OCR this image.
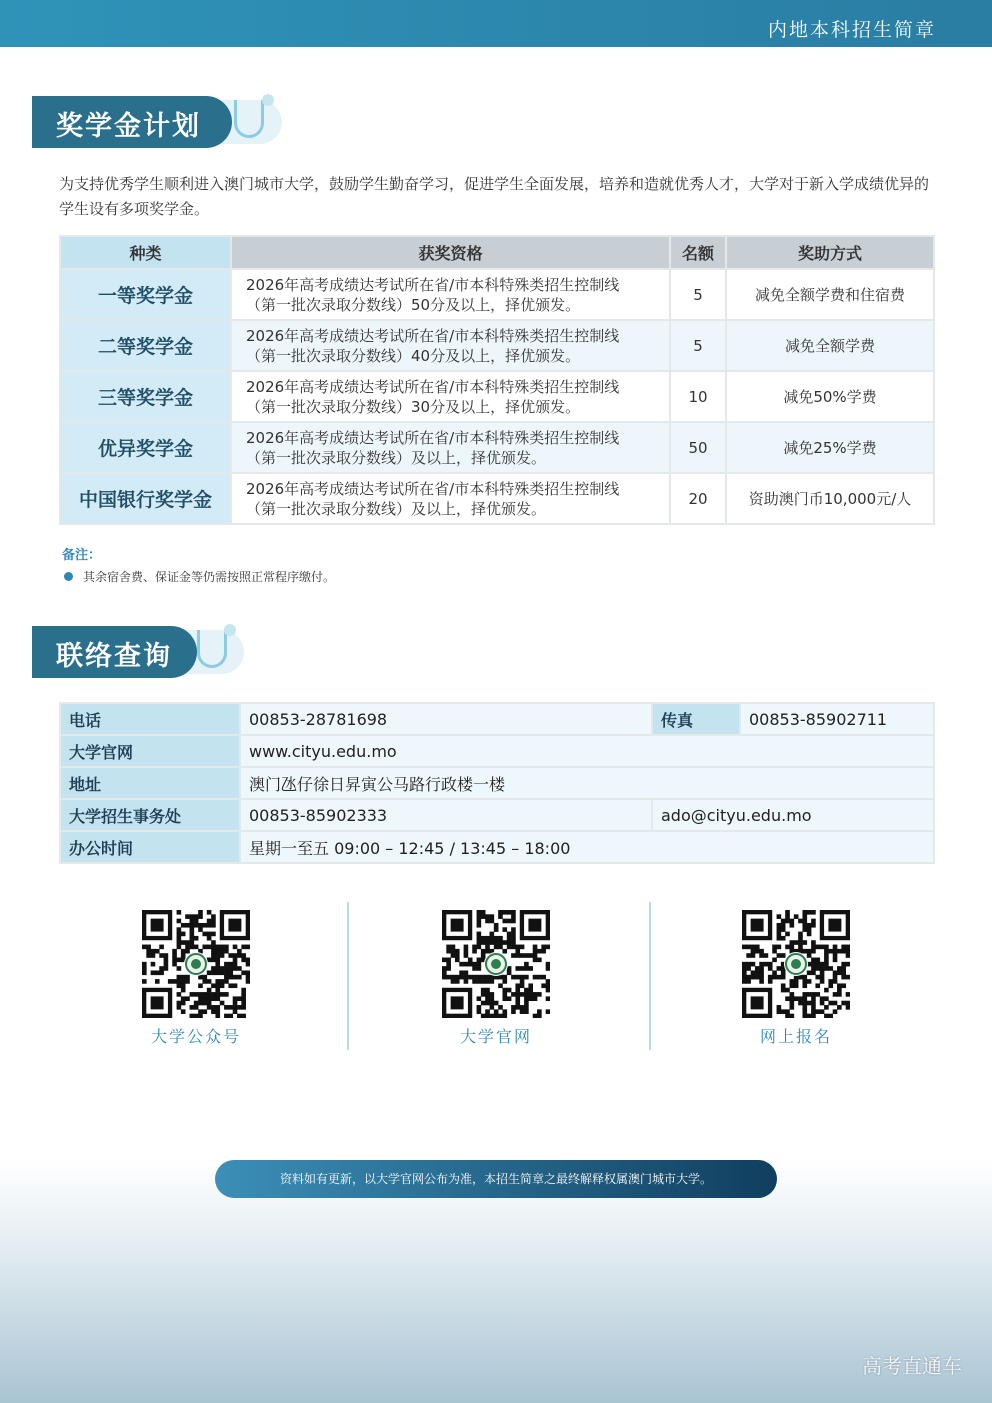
内地本科招生简章
奖学金计划
为支持优秀学生顺利进入澳门城市大学，鼓励学生勤奋学习，促进学生全面发展，培养和造就优秀人才，大学对于新入学成绩优异的学生设有多项奖学金。
种类	获奖资格	名额	奖助方式
一等奖学金	2026年高考成绩达考试所在省/市本科特殊类招生控制线
（第一批次录取分数线）50分及以上，择优颁发。	5	减免全额学费和住宿费
二等奖学金	2026年高考成绩达考试所在省/市本科特殊类招生控制线
（第一批次录取分数线）40分及以上，择优颁发。	5	减免全额学费
三等奖学金	2026年高考成绩达考试所在省/市本科特殊类招生控制线
（第一批次录取分数线）30分及以上，择优颁发。	10	减免50%学费
优异奖学金	2026年高考成绩达考试所在省/市本科特殊类招生控制线
（第一批次录取分数线）及以上，择优颁发。	50	减免25%学费
中国银行奖学金	2026年高考成绩达考试所在省/市本科特殊类招生控制线
（第一批次录取分数线）及以上，择优颁发。	20	资助澳门币10,000元/人
备注：
其余宿舍费、保证金等仍需按照正常程序缴付。
联络查询
电话	00853-28781698	传真	00853-85902711
大学官网	www.cityu.edu.mo		
地址	澳门氹仔徐日昇寅公马路行政楼一楼		
大学招生事务处	00853-85902333	ado@cityu.edu.mo	
办公时间	星期一至五 09:00 – 12:45 / 13:45 – 18:00		
大学公众号	大学官网	网上报名
资料如有更新，以大学官网公布为准，本招生简章之最终解释权属澳门城市大学。
高考直通车
